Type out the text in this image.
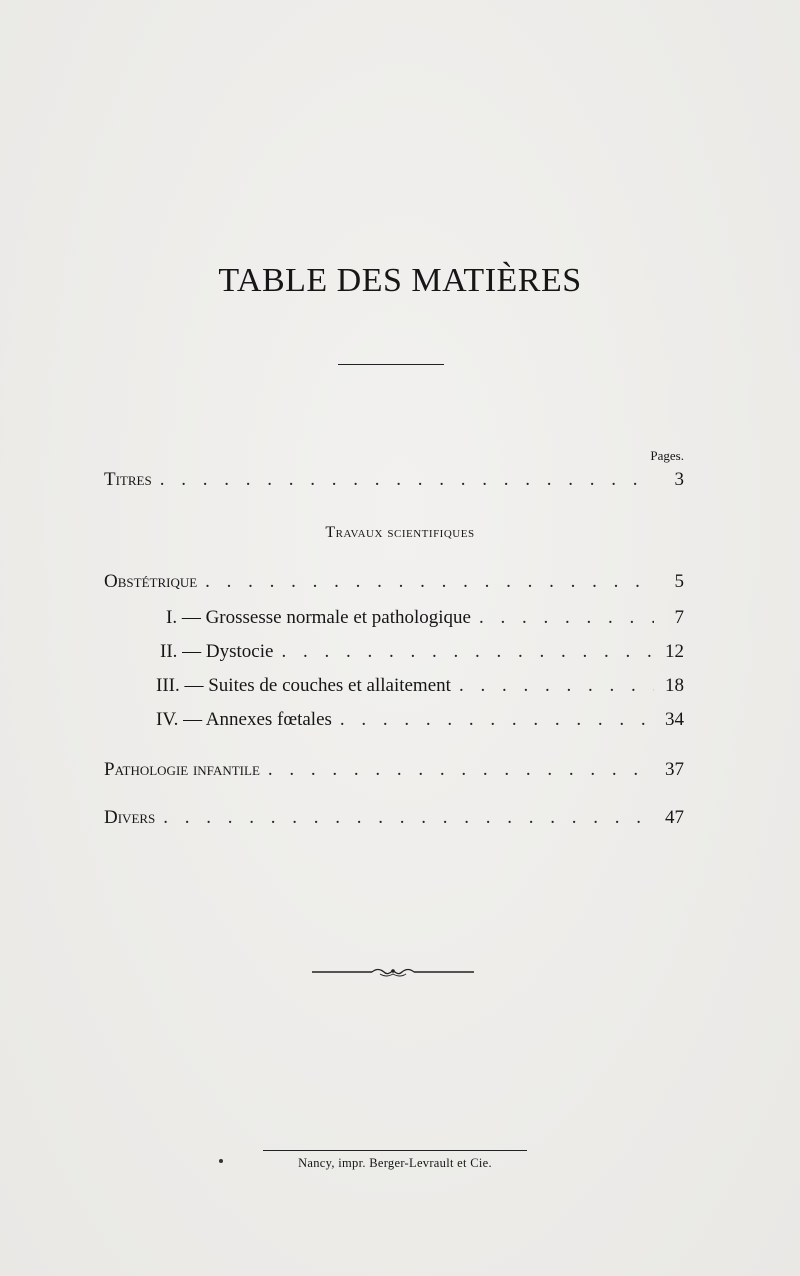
TABLE DES MATIÈRES
Pages.
Titres . . .	3
Travaux scientifiques
Obstétrique . . .	5
I. — Grossesse normale et pathologique . . .	7
II. — Dystocie . . .	12
III. — Suites de couches et allaitement . . .	18
IV. — Annexes fœtales . . .	34
Pathologie infantile . . .	37
Divers . . .	47
Nancy, impr. Berger-Levrault et Cie.
